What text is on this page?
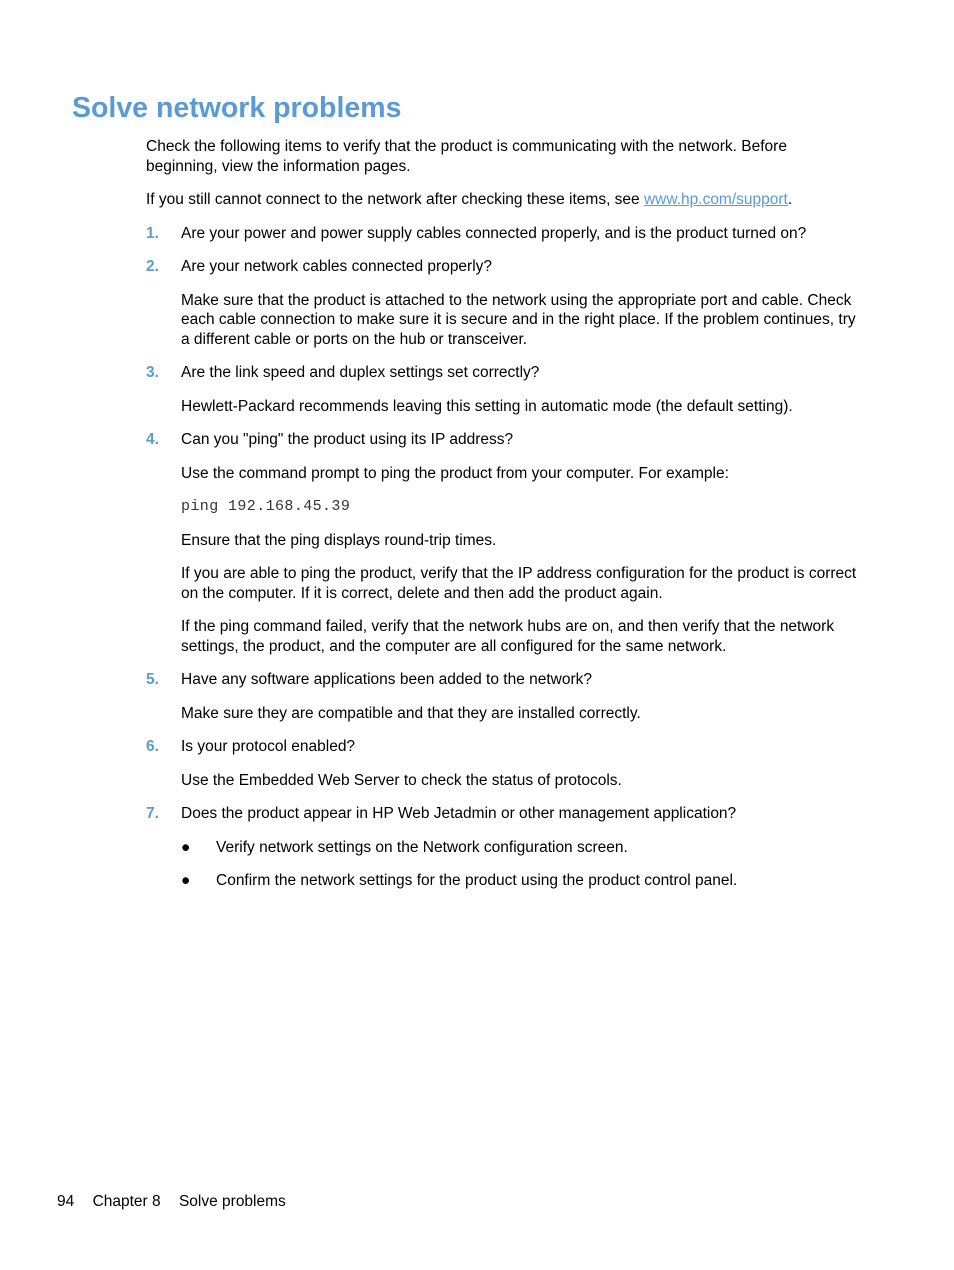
Solve network problems

Check the following items to verify that the product is communicating with the network. Before beginning, view the information pages.

If you still cannot connect to the network after checking these items, see www.hp.com/support.

1. Are your power and power supply cables connected properly, and is the product turned on?

2. Are your network cables connected properly?

Make sure that the product is attached to the network using the appropriate port and cable. Check each cable connection to make sure it is secure and in the right place. If the problem continues, try a different cable or ports on the hub or transceiver.

3. Are the link speed and duplex settings set correctly?

Hewlett-Packard recommends leaving this setting in automatic mode (the default setting).

4. Can you "ping" the product using its IP address?

Use the command prompt to ping the product from your computer. For example:

ping 192.168.45.39

Ensure that the ping displays round-trip times.

If you are able to ping the product, verify that the IP address configuration for the product is correct on the computer. If it is correct, delete and then add the product again.

If the ping command failed, verify that the network hubs are on, and then verify that the network settings, the product, and the computer are all configured for the same network.

5. Have any software applications been added to the network?

Make sure they are compatible and that they are installed correctly.

6. Is your protocol enabled?

Use the Embedded Web Server to check the status of protocols.

7. Does the product appear in HP Web Jetadmin or other management application?

● Verify network settings on the Network configuration screen.
● Confirm the network settings for the product using the product control panel.
94 Chapter 8 Solve problems
